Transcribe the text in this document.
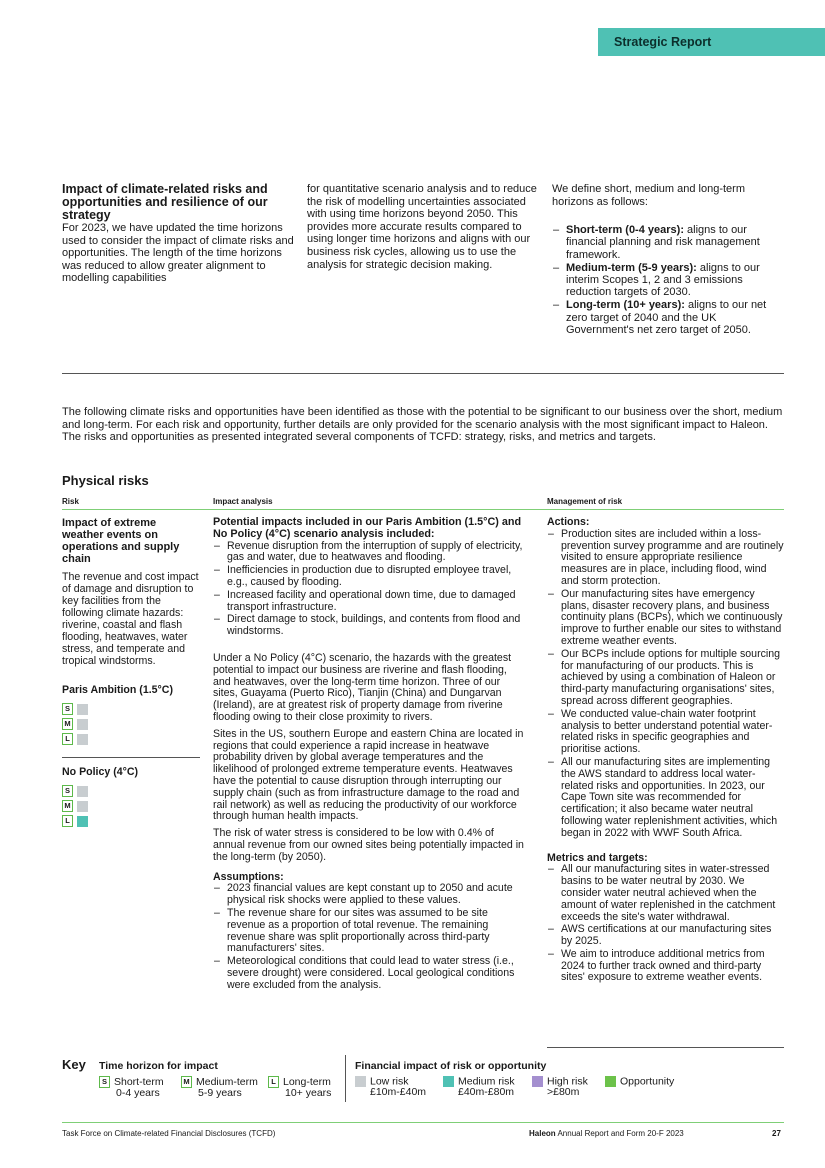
Strategic Report

Impact of climate-related risks and opportunities and resilience of our strategy

For 2023, we have updated the time horizons used to consider the impact of climate risks and opportunities. The length of the time horizons was reduced to allow greater alignment to modelling capabilities

for quantitative scenario analysis and to reduce the risk of modelling uncertainties associated with using time horizons beyond 2050. This provides more accurate results compared to using longer time horizons and aligns with our business risk cycles, allowing us to use the analysis for strategic decision making.

We define short, medium and long-term horizons as follows:

– Short-term (0-4 years): aligns to our financial planning and risk management framework.
– Medium-term (5-9 years): aligns to our interim Scopes 1, 2 and 3 emissions reduction targets of 2030.
– Long-term (10+ years): aligns to our net zero target of 2040 and the UK Government's net zero target of 2050.

The following climate risks and opportunities have been identified as those with the potential to be significant to our business over the short, medium and long-term. For each risk and opportunity, further details are only provided for the scenario analysis with the most significant impact to Haleon. The risks and opportunities as presented integrated several components of TCFD: strategy, risks, and metrics and targets.

Physical risks
Risk	Impact analysis	Management of risk

Impact of extreme weather events on operations and supply chain

The revenue and cost impact of damage and disruption to key facilities from the following climate hazards: riverine, coastal and flash flooding, heatwaves, water stress, and temperate and tropical windstorms.

Paris Ambition (1.5°C)

S
M
L

No Policy (4°C)

S
M
L

Potential impacts included in our Paris Ambition (1.5°C) and No Policy (4°C) scenario analysis included:

– Revenue disruption from the interruption of supply of electricity, gas and water, due to heatwaves and flooding.
– Inefficiencies in production due to disrupted employee travel, e.g., caused by flooding.
– Increased facility and operational down time, due to damaged transport infrastructure.
– Direct damage to stock, buildings, and contents from flood and windstorms.

Under a No Policy (4°C) scenario, the hazards with the greatest potential to impact our business are riverine and flash flooding, and heatwaves, over the long-term time horizon. Three of our sites, Guayama (Puerto Rico), Tianjin (China) and Dungarvan (Ireland), are at greatest risk of property damage from riverine flooding owing to their close proximity to rivers.

Sites in the US, southern Europe and eastern China are located in regions that could experience a rapid increase in heatwave probability driven by global average temperatures and the likelihood of prolonged extreme temperature events. Heatwaves have the potential to cause disruption through interrupting our supply chain (such as from infrastructure damage to the road and rail network) as well as reducing the productivity of our workforce through human health impacts.

The risk of water stress is considered to be low with 0.4% of annual revenue from our owned sites being potentially impacted in the long-term (by 2050).

Assumptions:

– 2023 financial values are kept constant up to 2050 and acute physical risk shocks were applied to these values.
– The revenue share for our sites was assumed to be site revenue as a proportion of total revenue. The remaining revenue share was split proportionally across third-party manufacturers' sites.
– Meteorological conditions that could lead to water stress (i.e., severe drought) were considered. Local geological conditions were excluded from the analysis.

Actions:

– Production sites are included within a loss-prevention survey programme and are routinely visited to ensure appropriate resilience measures are in place, including flood, wind and storm protection.
– Our manufacturing sites have emergency plans, disaster recovery plans, and business continuity plans (BCPs), which we continuously improve to further enable our sites to withstand extreme weather events.
– Our BCPs include options for multiple sourcing for manufacturing of our products. This is achieved by using a combination of Haleon or third-party manufacturing organisations' sites, spread across different geographies.
– We conducted value-chain water footprint analysis to better understand potential water-related risks in specific geographies and prioritise actions.
– All our manufacturing sites are implementing the AWS standard to address local water-related risks and opportunities. In 2023, our Cape Town site was recommended for certification; it also became water neutral following water replenishment activities, which began in 2022 with WWF South Africa.

Metrics and targets:

– All our manufacturing sites in water-stressed basins to be water neutral by 2030. We consider water neutral achieved when the amount of water replenished in the catchment exceeds the site's water withdrawal.
– AWS certifications at our manufacturing sites by 2025.
– We aim to introduce additional metrics from 2024 to further track owned and third-party sites' exposure to extreme weather events.
Key Time horizon for impact
S Short-term
0-4 years
M Medium-term
5-9 years
L Long-term
10+ years
Financial impact of risk or opportunity
Low risk
£10m-£40m
Medium risk
£40m-£80m
High risk
>£80m
Opportunity
Task Force on Climate-related Financial Disclosures (TCFD)	Haleon Annual Report and Form 20-F 2023	27
